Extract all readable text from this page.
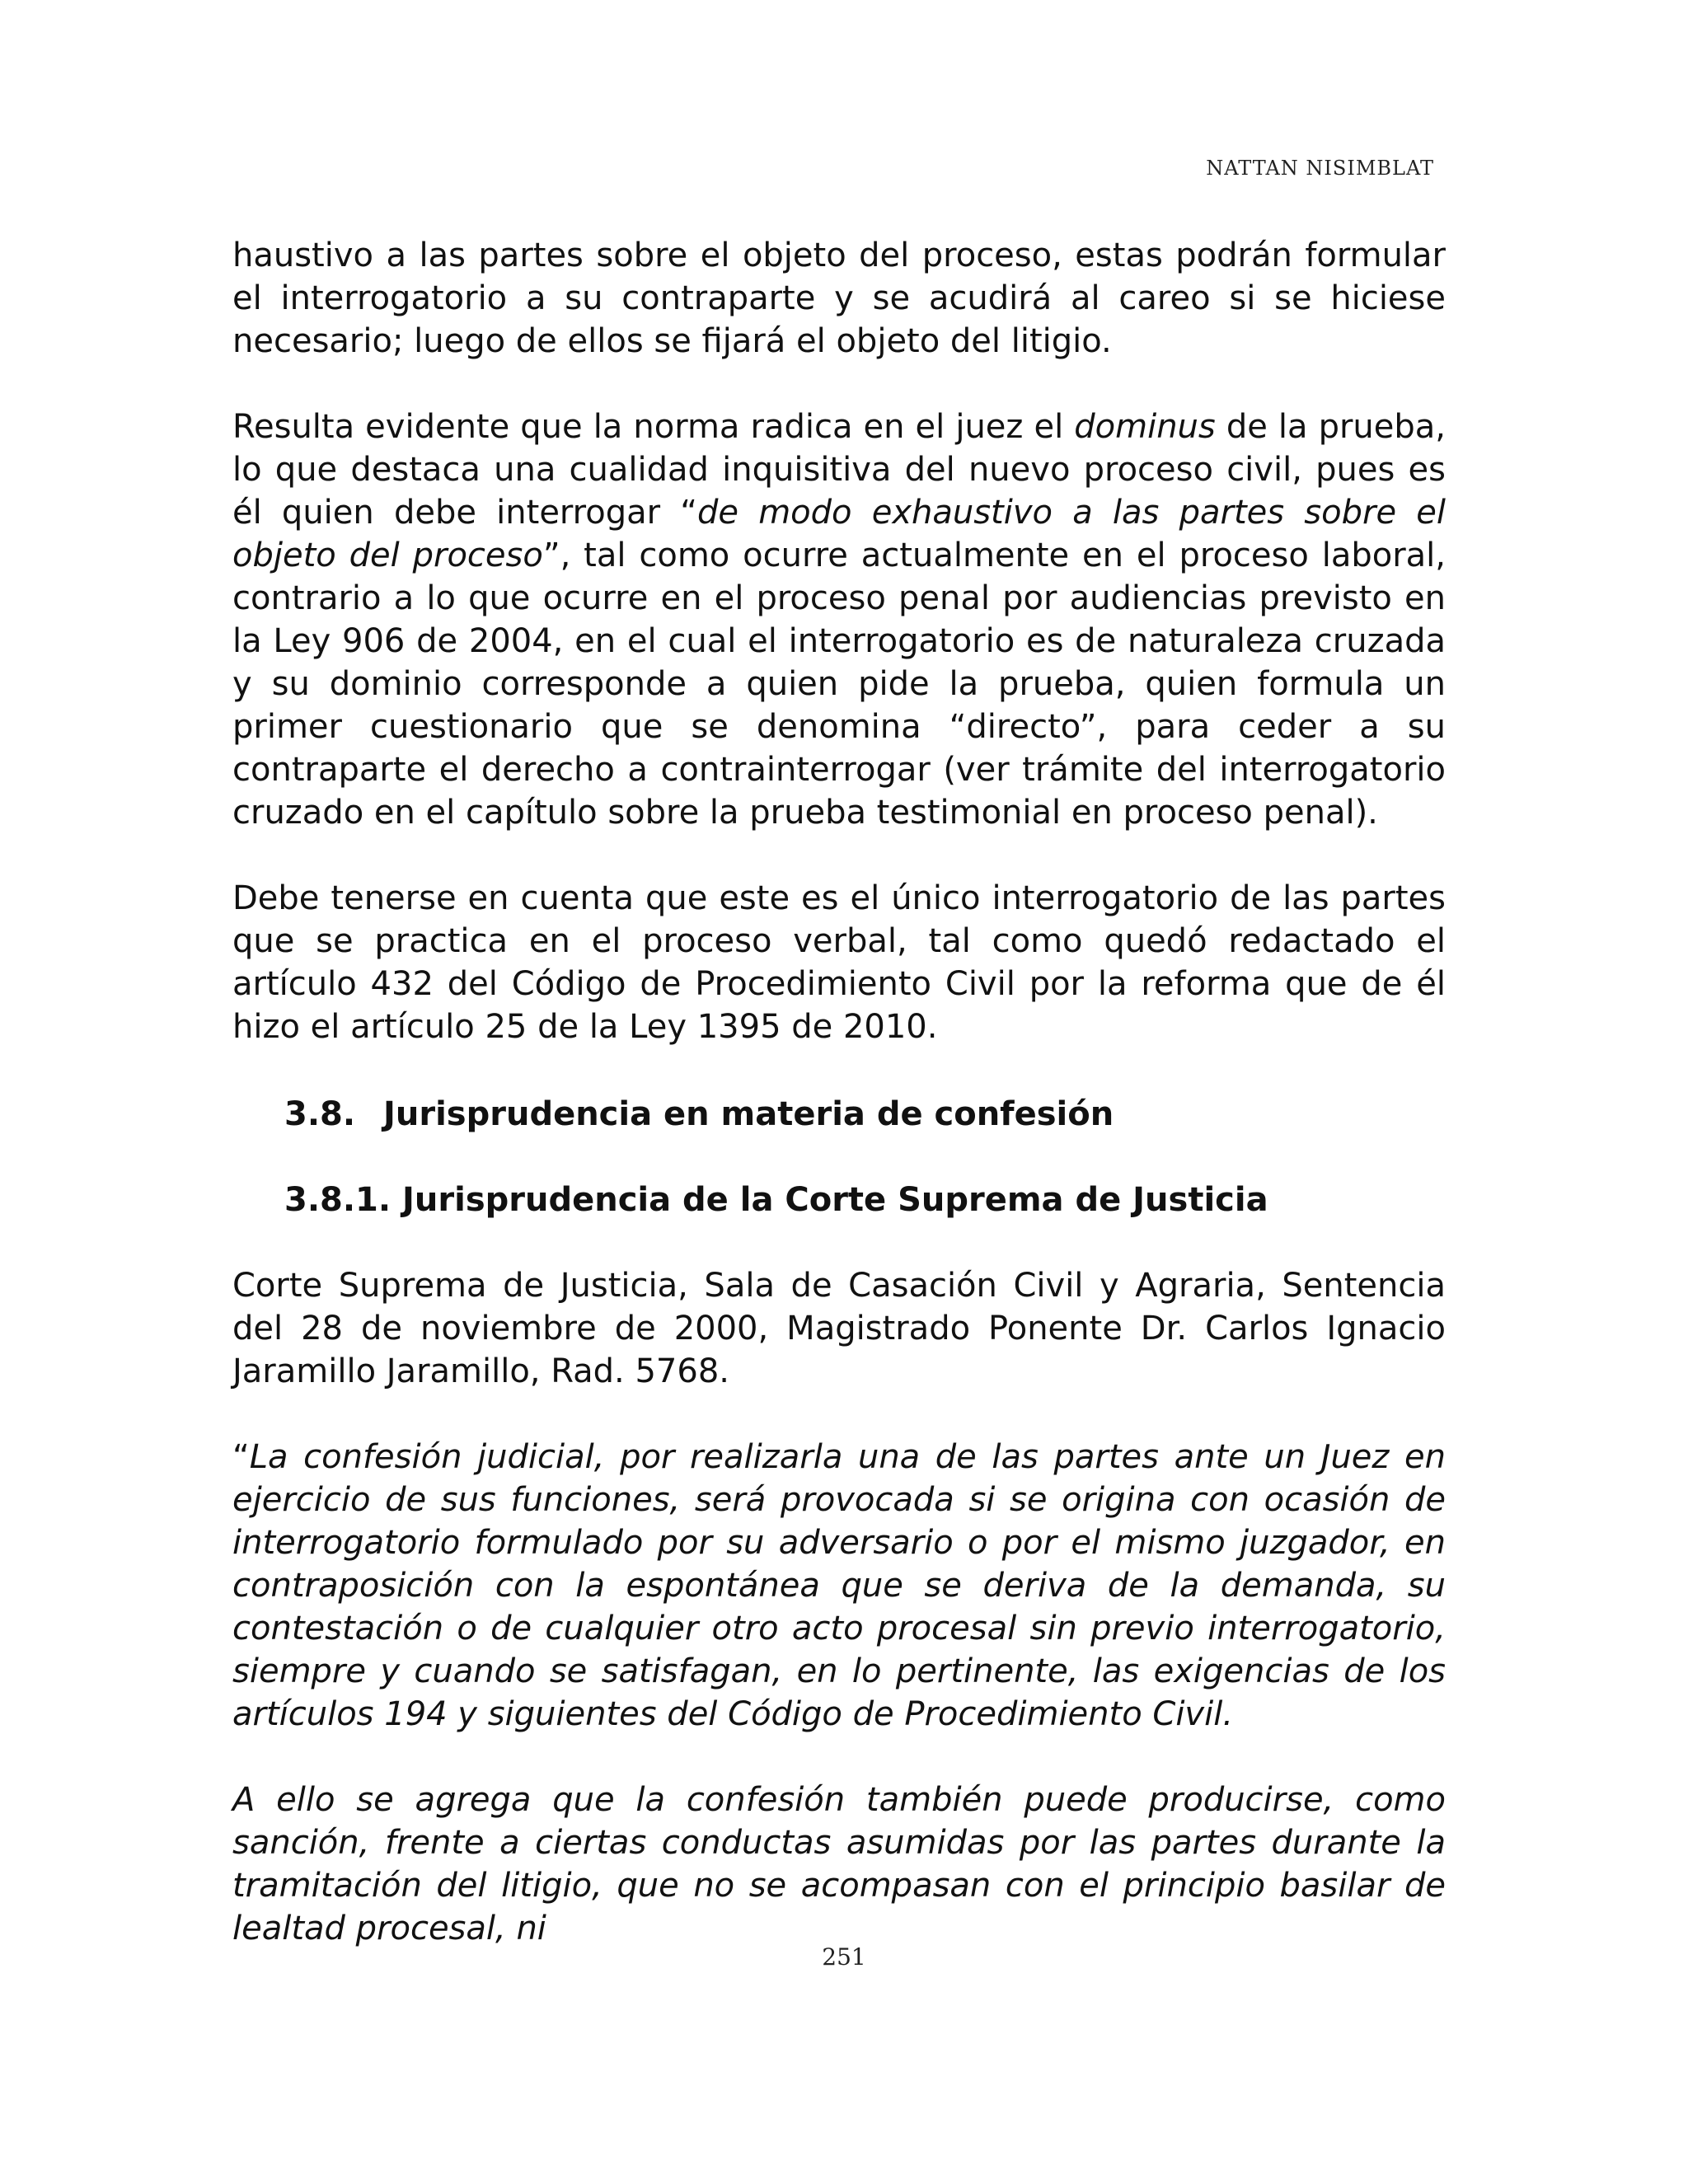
NATTAN NISIMBLAT
haustivo a las partes sobre el objeto del proceso, estas podrán formular el interrogatorio a su contraparte y se acudirá al careo si se hiciese necesario; luego de ellos se fijará el objeto del litigio.
Resulta evidente que la norma radica en el juez el dominus de la prueba, lo que destaca una cualidad inquisitiva del nuevo proceso civil, pues es él quien debe interrogar “de modo exhaustivo a las partes sobre el objeto del proceso”, tal como ocurre actualmente en el proceso laboral, contrario a lo que ocurre en el proceso penal por audiencias previsto en la Ley 906 de 2004, en el cual el interrogatorio es de naturaleza cruzada y su dominio corresponde a quien pide la prueba, quien formula un primer cuestionario que se denomina “directo”, para ceder a su contraparte el derecho a contrainterrogar (ver trámite del interrogatorio cruzado en el capítulo sobre la prueba testimonial en proceso penal).
Debe tenerse en cuenta que este es el único interrogatorio de las partes que se practica en el proceso verbal, tal como quedó redactado el artículo 432 del Código de Procedimiento Civil por la reforma que de él hizo el artículo 25 de la Ley 1395 de 2010.
3.8. Jurisprudencia en materia de confesión
3.8.1. Jurisprudencia de la Corte Suprema de Justicia
Corte Suprema de Justicia, Sala de Casación Civil y Agraria, Sentencia del 28 de noviembre de 2000, Magistrado Ponente Dr. Carlos Ignacio Jaramillo Jaramillo, Rad. 5768.
“La confesión judicial, por realizarla una de las partes ante un Juez en ejercicio de sus funciones, será provocada si se origina con ocasión de interrogatorio formulado por su adversario o por el mismo juzgador, en contraposición con la espontánea que se deriva de la demanda, su contestación o de cualquier otro acto procesal sin previo interrogatorio, siempre y cuando se satisfagan, en lo pertinente, las exigencias de los artículos 194 y siguientes del Código de Procedimiento Civil.
A ello se agrega que la confesión también puede producirse, como sanción, frente a ciertas conductas asumidas por las partes durante la tramitación del litigio, que no se acompasan con el principio basilar de lealtad procesal, ni
251
